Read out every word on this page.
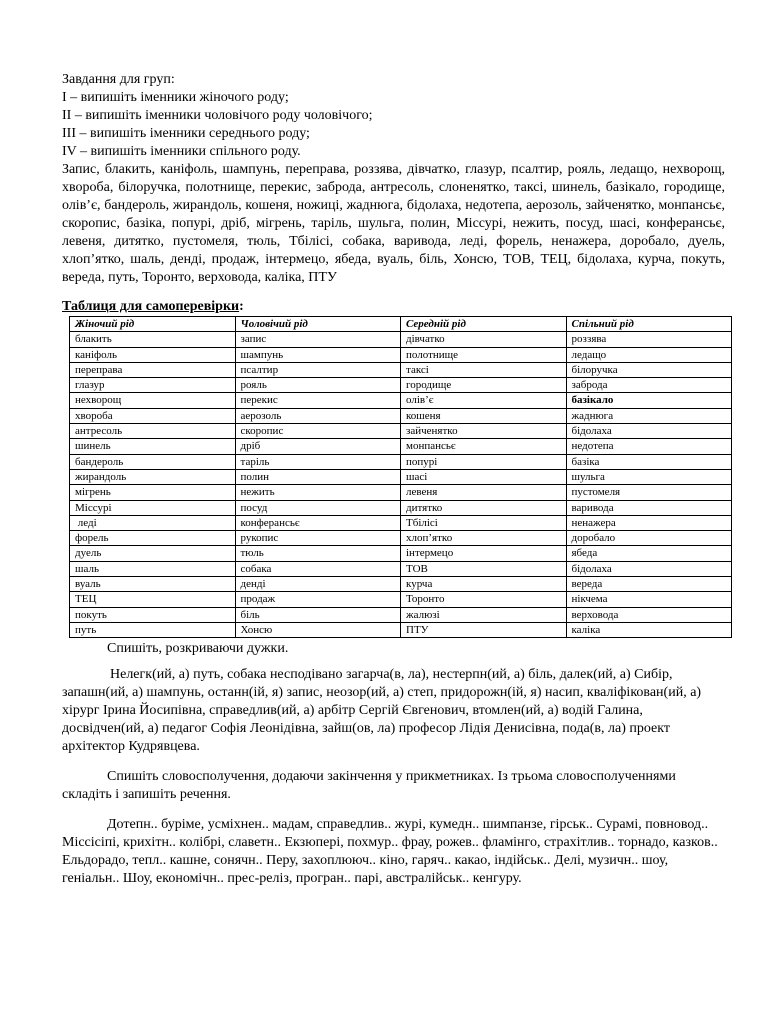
Завдання для груп:

І – випишіть іменники жіночого роду;

ІІ – випишіть іменники чоловічого роду чоловічого;

ІІІ – випишіть іменники середнього роду;

ІV – випишіть іменники спільного роду.

Запис, блакить, каніфоль, шампунь, переправа, роззява, дівчатко, глазур, псалтир, рояль, ледащо, нехворощ, хвороба, білоручка, полотнище, перекис, заброда, антресоль, слоненятко, таксі, шинель, базікало, городище, олів’є, бандероль, жирандоль, кошеня, ножиці, жаднюга, бідолаха, недотепа, аерозоль, зайченятко, монпансьє, скоропис, базіка, попурі, дріб, мігрень, таріль, шульга, полин, Міссурі, нежить, посуд, шасі, конферансьє, левеня, дитятко, пустомеля, тюль, Тбілісі, собака, варивода, леді, форель, ненажера, доробало, дуель, хлоп’ятко, шаль, денді, продаж, інтермецо, ябеда, вуаль, біль, Хонсю, ТОВ, ТЕЦ, бідолаха, курча, покуть, вереда, путь, Торонто, верховода, каліка, ПТУ

Таблиця для самоперевірки:

Жіночий рід	Чоловічий рід	Середній рід	Спільний рід
блакить	запис	дівчатко	роззява
каніфоль	шампунь	полотнище	ледащо
переправа	псалтир	таксі	білоручка
глазур	рояль	городище	заброда
нехворощ	перекис	олів’є	базікало
хвороба	аерозоль	кошеня	жаднюга
антресоль	скоропис	зайченятко	бідолаха
шинель	дріб	монпансьє	недотепа
бандероль	таріль	попурі	базіка
жирандоль	полин	шасі	шульга
мігрень	нежить	левеня	пустомеля
Міссурі	посуд	дитятко	варивода
леді	конферансьє	Тбілісі	ненажера
форель	рукопис	хлоп’ятко	доробало
дуель	тюль	інтермецо	ябеда
шаль	собака	ТОВ	бідолаха
вуаль	денді	курча	вереда
ТЕЦ	продаж	Торонто	нікчема
покуть	біль	жалюзі	верховода
путь	Хонсю	ПТУ	каліка

Спишіть, розкриваючи дужки.

Нелегк(ий, а) путь, собака несподівано загарча(в, ла), нестерпн(ий, а) біль, далек(ий, а) Сибір, запашн(ий, а) шампунь, останн(ій, я) запис, неозор(ий, а) степ, придорожн(ій, я) насип, кваліфікован(ий, а) хірург Ірина Йосипівна, справедлив(ий, а) арбітр Сергій Євгенович, втомлен(ий, а) водій Галина, досвідчен(ий, а) педагог Софія Леонідівна, зайш(ов, ла) професор Лідія Денисівна, пода(в, ла) проект архітектор Кудрявцева.

Спишіть словосполучення, додаючи закінчення у прикметниках. Із трьома словосполученнями складіть і запишіть речення.

Дотепн.. буріме, усміхнен.. мадам, справедлив.. журі, кумедн.. шимпанзе, гірськ.. Сурамі, повновод.. Міссісіпі, крихітн.. колібрі, славетн.. Екзюпері, похмур.. фрау, рожев.. фламінго, страхітлив.. торнадо, казков.. Ельдорадо, тепл.. кашне, сонячн.. Перу, захоплююч.. кіно, гаряч.. какао, індійськ.. Делі, музичн.. шоу, геніальн.. Шоу, економічн.. прес-реліз, програн.. парі, австралійськ.. кенгуру.
